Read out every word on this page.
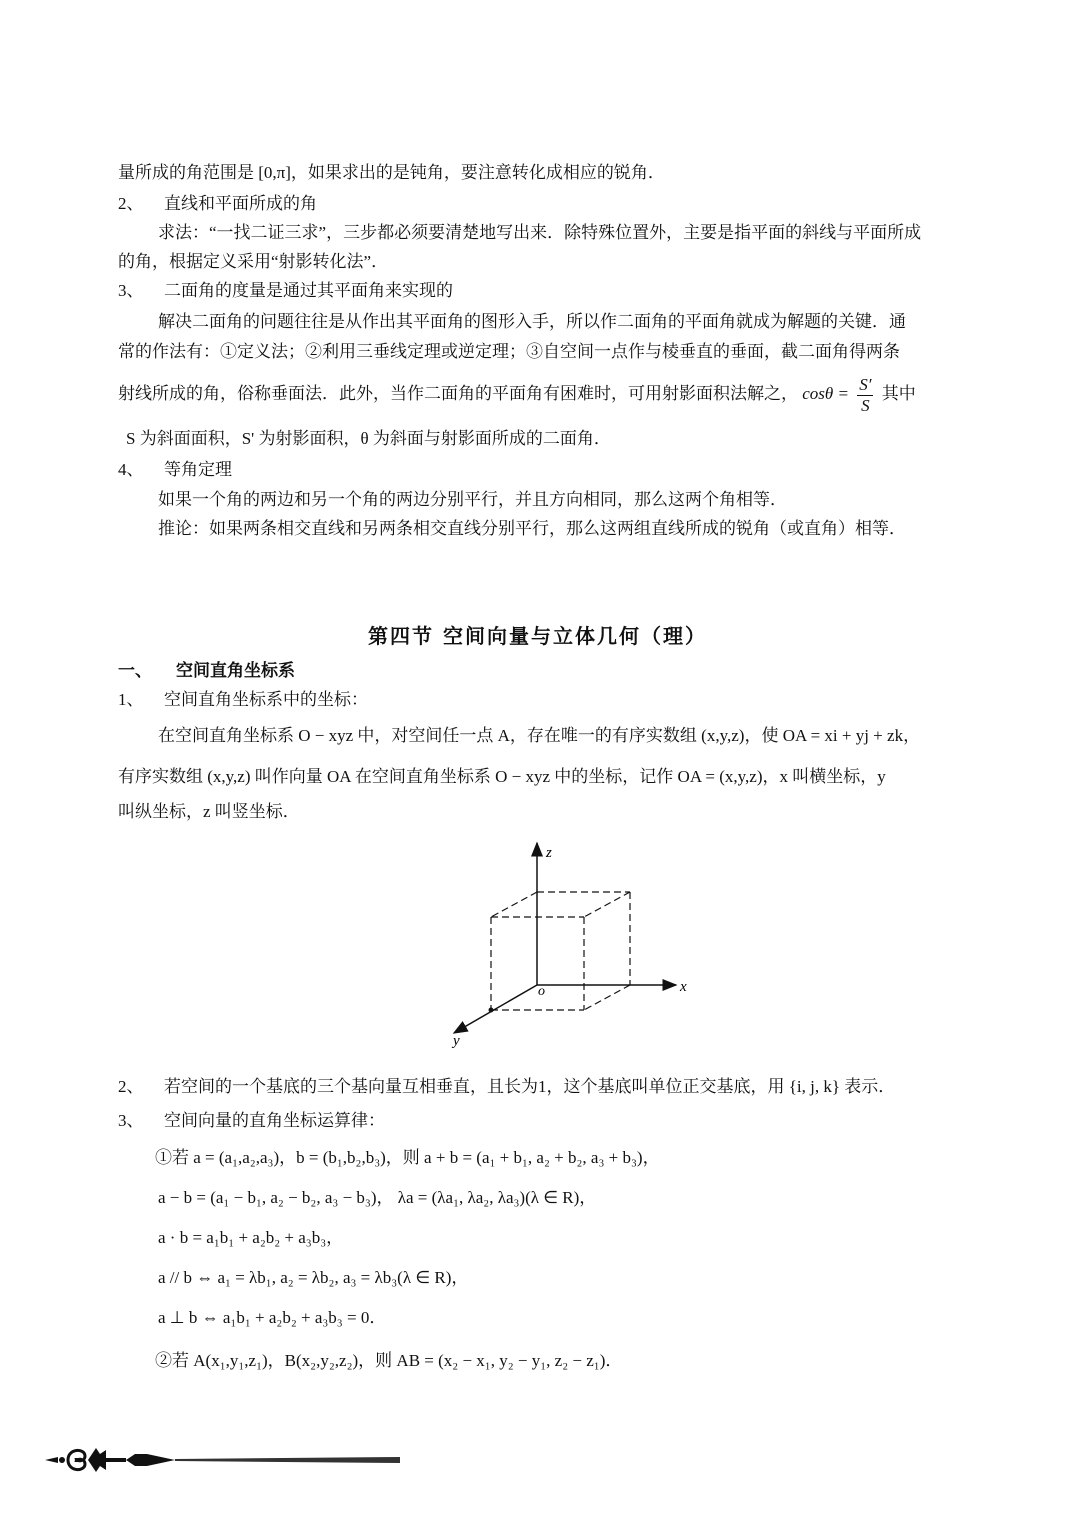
量所成的角范围是 [0,π]，如果求出的是钝角，要注意转化成相应的锐角．
2、 直线和平面所成的角
求法：“一找二证三求”，三步都必须要清楚地写出来．除特殊位置外，主要是指平面的斜线与平面所成
的角，根据定义采用“射影转化法”．
3、 二面角的度量是通过其平面角来实现的
解决二面角的问题往往是从作出其平面角的图形入手，所以作二面角的平面角就成为解题的关键．通
常的作法有：①定义法；②利用三垂线定理或逆定理；③自空间一点作与棱垂直的垂面，截二面角得两条
射线所成的角，俗称垂面法．此外，当作二面角的平面角有困难时，可用射影面积法解之， $\cos\theta = \frac{S'}{S}$ 其中
S 为斜面面积，S' 为射影面积，θ 为斜面与射影面所成的二面角．
4、 等角定理
如果一个角的两边和另一个角的两边分别平行，并且方向相同，那么这两个角相等．
推论：如果两条相交直线和另两条相交直线分别平行，那么这两组直线所成的锐角（或直角）相等．
第四节 空间向量与立体几何（理）
一、 空间直角坐标系
1、 空间直角坐标系中的坐标：
在空间直角坐标系 O − xyz 中，对空间任一点 A，存在唯一的有序实数组 (x,y,z)，使 OA = xi + yj + zk，
有序实数组 (x,y,z) 叫作向量 OA 在空间直角坐标系 O − xyz 中的坐标，记作 OA = (x,y,z)，x 叫横坐标，y
叫纵坐标，z 叫竖坐标．
z
x
y
o
2、 若空间的一个基底的三个基向量互相垂直，且长为1，这个基底叫单位正交基底，用 {i, j, k} 表示．
3、 空间向量的直角坐标运算律：
①若 a = (a₁,a₂,a₃)，b = (b₁,b₂,b₃)，则 a + b = (a₁ + b₁, a₂ + b₂, a₃ + b₃)，
a − b = (a₁ − b₁, a₂ − b₂, a₃ − b₃)， λa = (λa₁, λa₂, λa₃)(λ ∈ R)，
a · b = a₁b₁ + a₂b₂ + a₃b₃，
a // b ⇔ a₁ = λb₁, a₂ = λb₂, a₃ = λb₃(λ ∈ R)，
a ⊥ b ⇔ a₁b₁ + a₂b₂ + a₃b₃ = 0．
②若 A(x₁,y₁,z₁)，B(x₂,y₂,z₂)，则 AB = (x₂ − x₁, y₂ − y₁, z₂ − z₁)．
